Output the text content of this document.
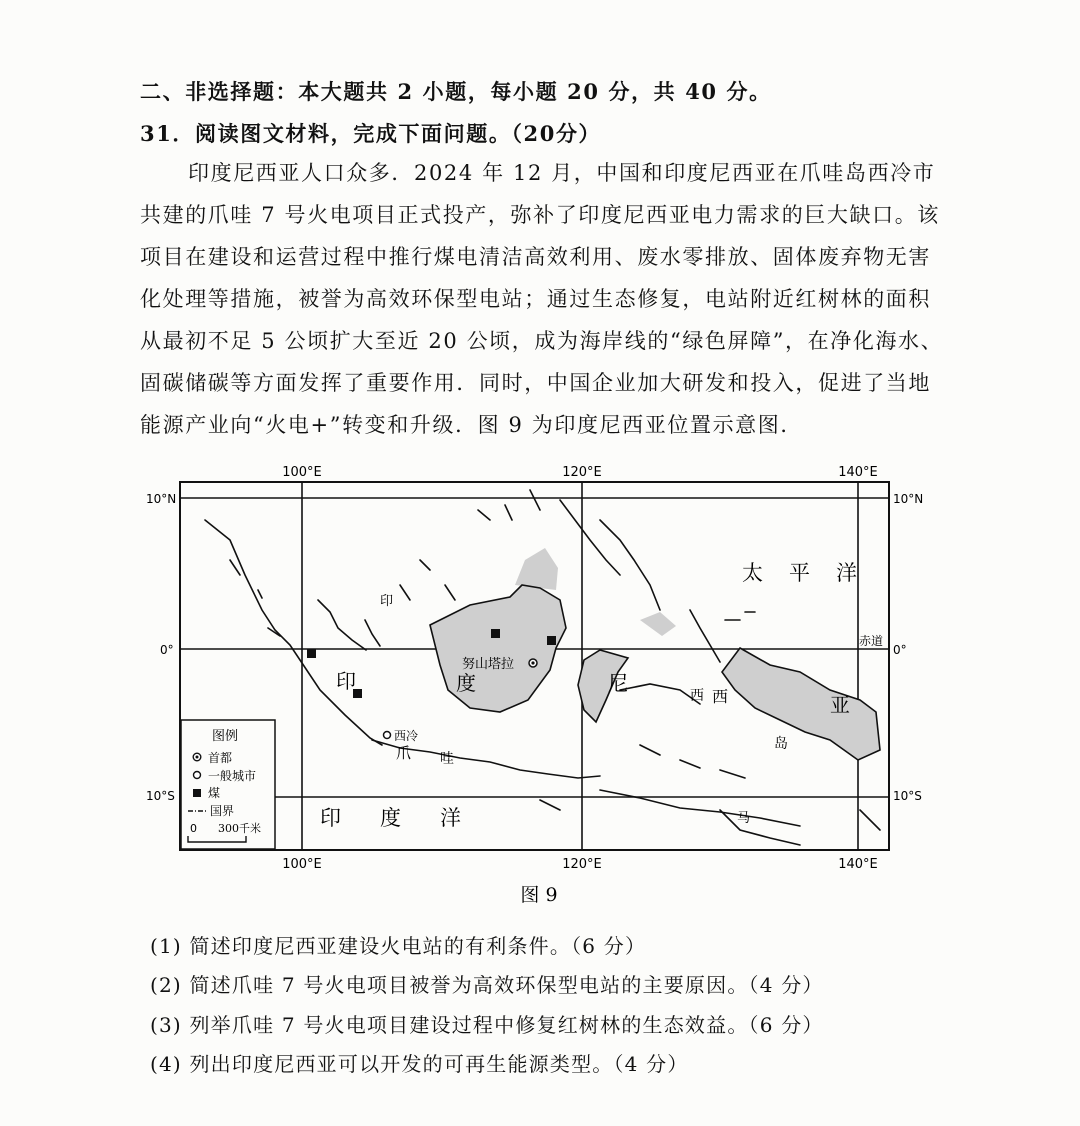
二、非选择题：本大题共 2 小题，每小题 20 分，共 40 分。
31．阅读图文材料，完成下面问题。（20分）
印度尼西亚人口众多．2024 年 12 月，中国和印度尼西亚在爪哇岛西冷市
共建的爪哇 7 号火电项目正式投产，弥补了印度尼西亚电力需求的巨大缺口。该
项目在建设和运营过程中推行煤电清洁高效利用、废水零排放、固体废弃物无害
化处理等措施，被誉为高效环保型电站；通过生态修复，电站附近红树林的面积
从最初不足 5 公顷扩大至近 20 公顷，成为海岸线的“绿色屏障”，在净化海水、
固碳储碳等方面发挥了重要作用．同时，中国企业加大研发和投入，促进了当地
能源产业向“火电+”转变和升级．图 9 为印度尼西亚位置示意图．
100°E	120°E	140°E
100°E	120°E	140°E
10°N
0°
10°S
10°N
0°
10°S
努山塔拉
西冷
赤道
太 平 洋
印 度 洋
印	度	尼
西	亚
爪 哇
岛
西
印
马
图例
首都
一般城市
煤
国界
0 300千米
图 9
(1) 简述印度尼西亚建设火电站的有利条件。（6 分）
(2) 简述爪哇 7 号火电项目被誉为高效环保型电站的主要原因。（4 分）
(3) 列举爪哇 7 号火电项目建设过程中修复红树林的生态效益。（6 分）
(4) 列出印度尼西亚可以开发的可再生能源类型。（4 分）
